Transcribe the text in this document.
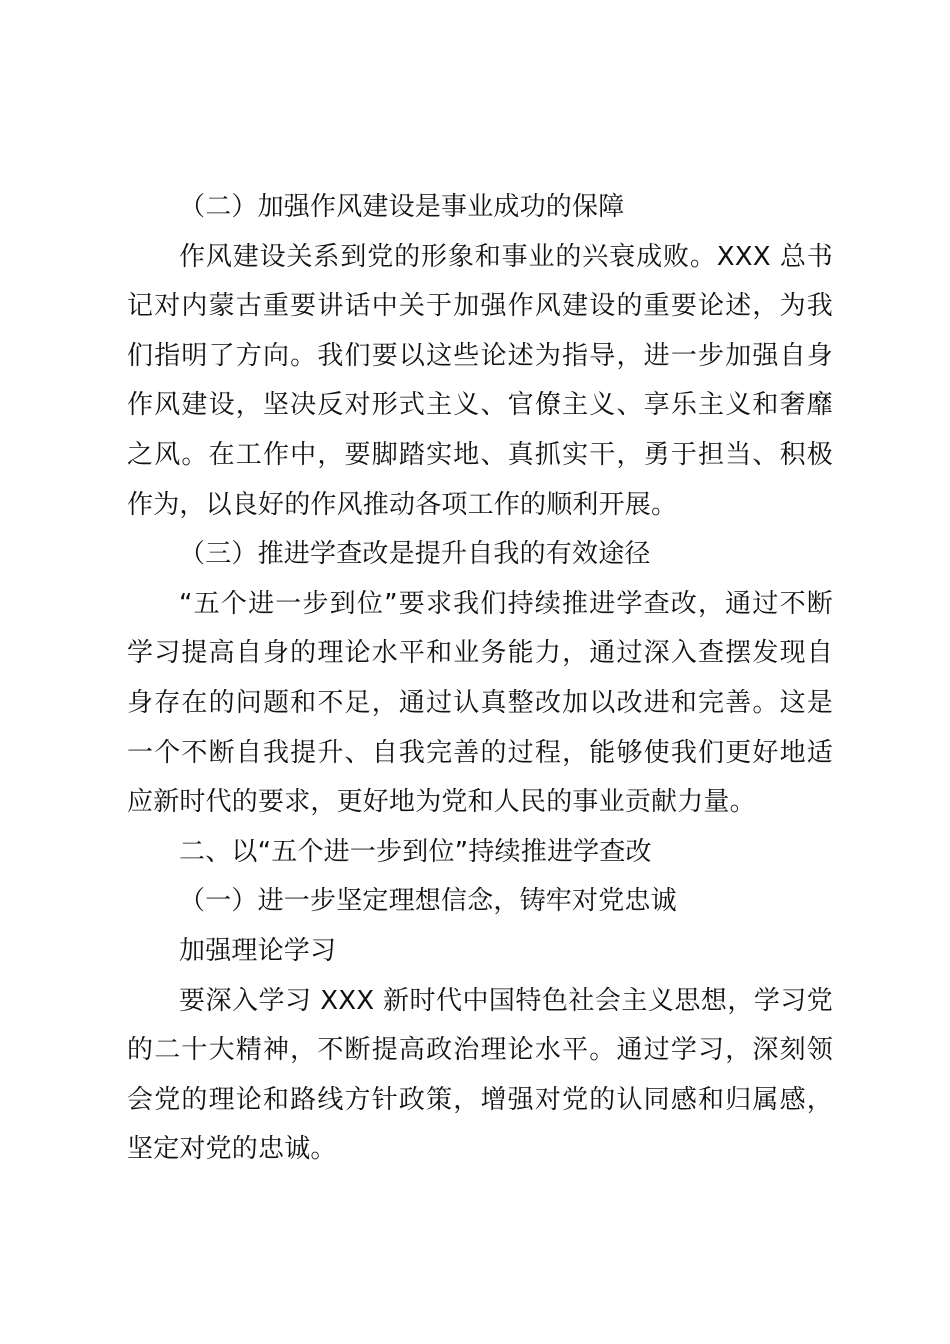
（二）加强作风建设是事业成功的保障

作风建设关系到党的形象和事业的兴衰成败。XXX 总书记对内蒙古重要讲话中关于加强作风建设的重要论述，为我们指明了方向。我们要以这些论述为指导，进一步加强自身作风建设，坚决反对形式主义、官僚主义、享乐主义和奢靡之风。在工作中，要脚踏实地、真抓实干，勇于担当、积极作为，以良好的作风推动各项工作的顺利开展。

（三）推进学查改是提升自我的有效途径

“五个进一步到位”要求我们持续推进学查改，通过不断学习提高自身的理论水平和业务能力，通过深入查摆发现自身存在的问题和不足，通过认真整改加以改进和完善。这是一个不断自我提升、自我完善的过程，能够使我们更好地适应新时代的要求，更好地为党和人民的事业贡献力量。

二、以“五个进一步到位”持续推进学查改

（一）进一步坚定理想信念，铸牢对党忠诚

加强理论学习

要深入学习 XXX 新时代中国特色社会主义思想，学习党的二十大精神，不断提高政治理论水平。通过学习，深刻领会党的理论和路线方针政策，增强对党的认同感和归属感，坚定对党的忠诚。
